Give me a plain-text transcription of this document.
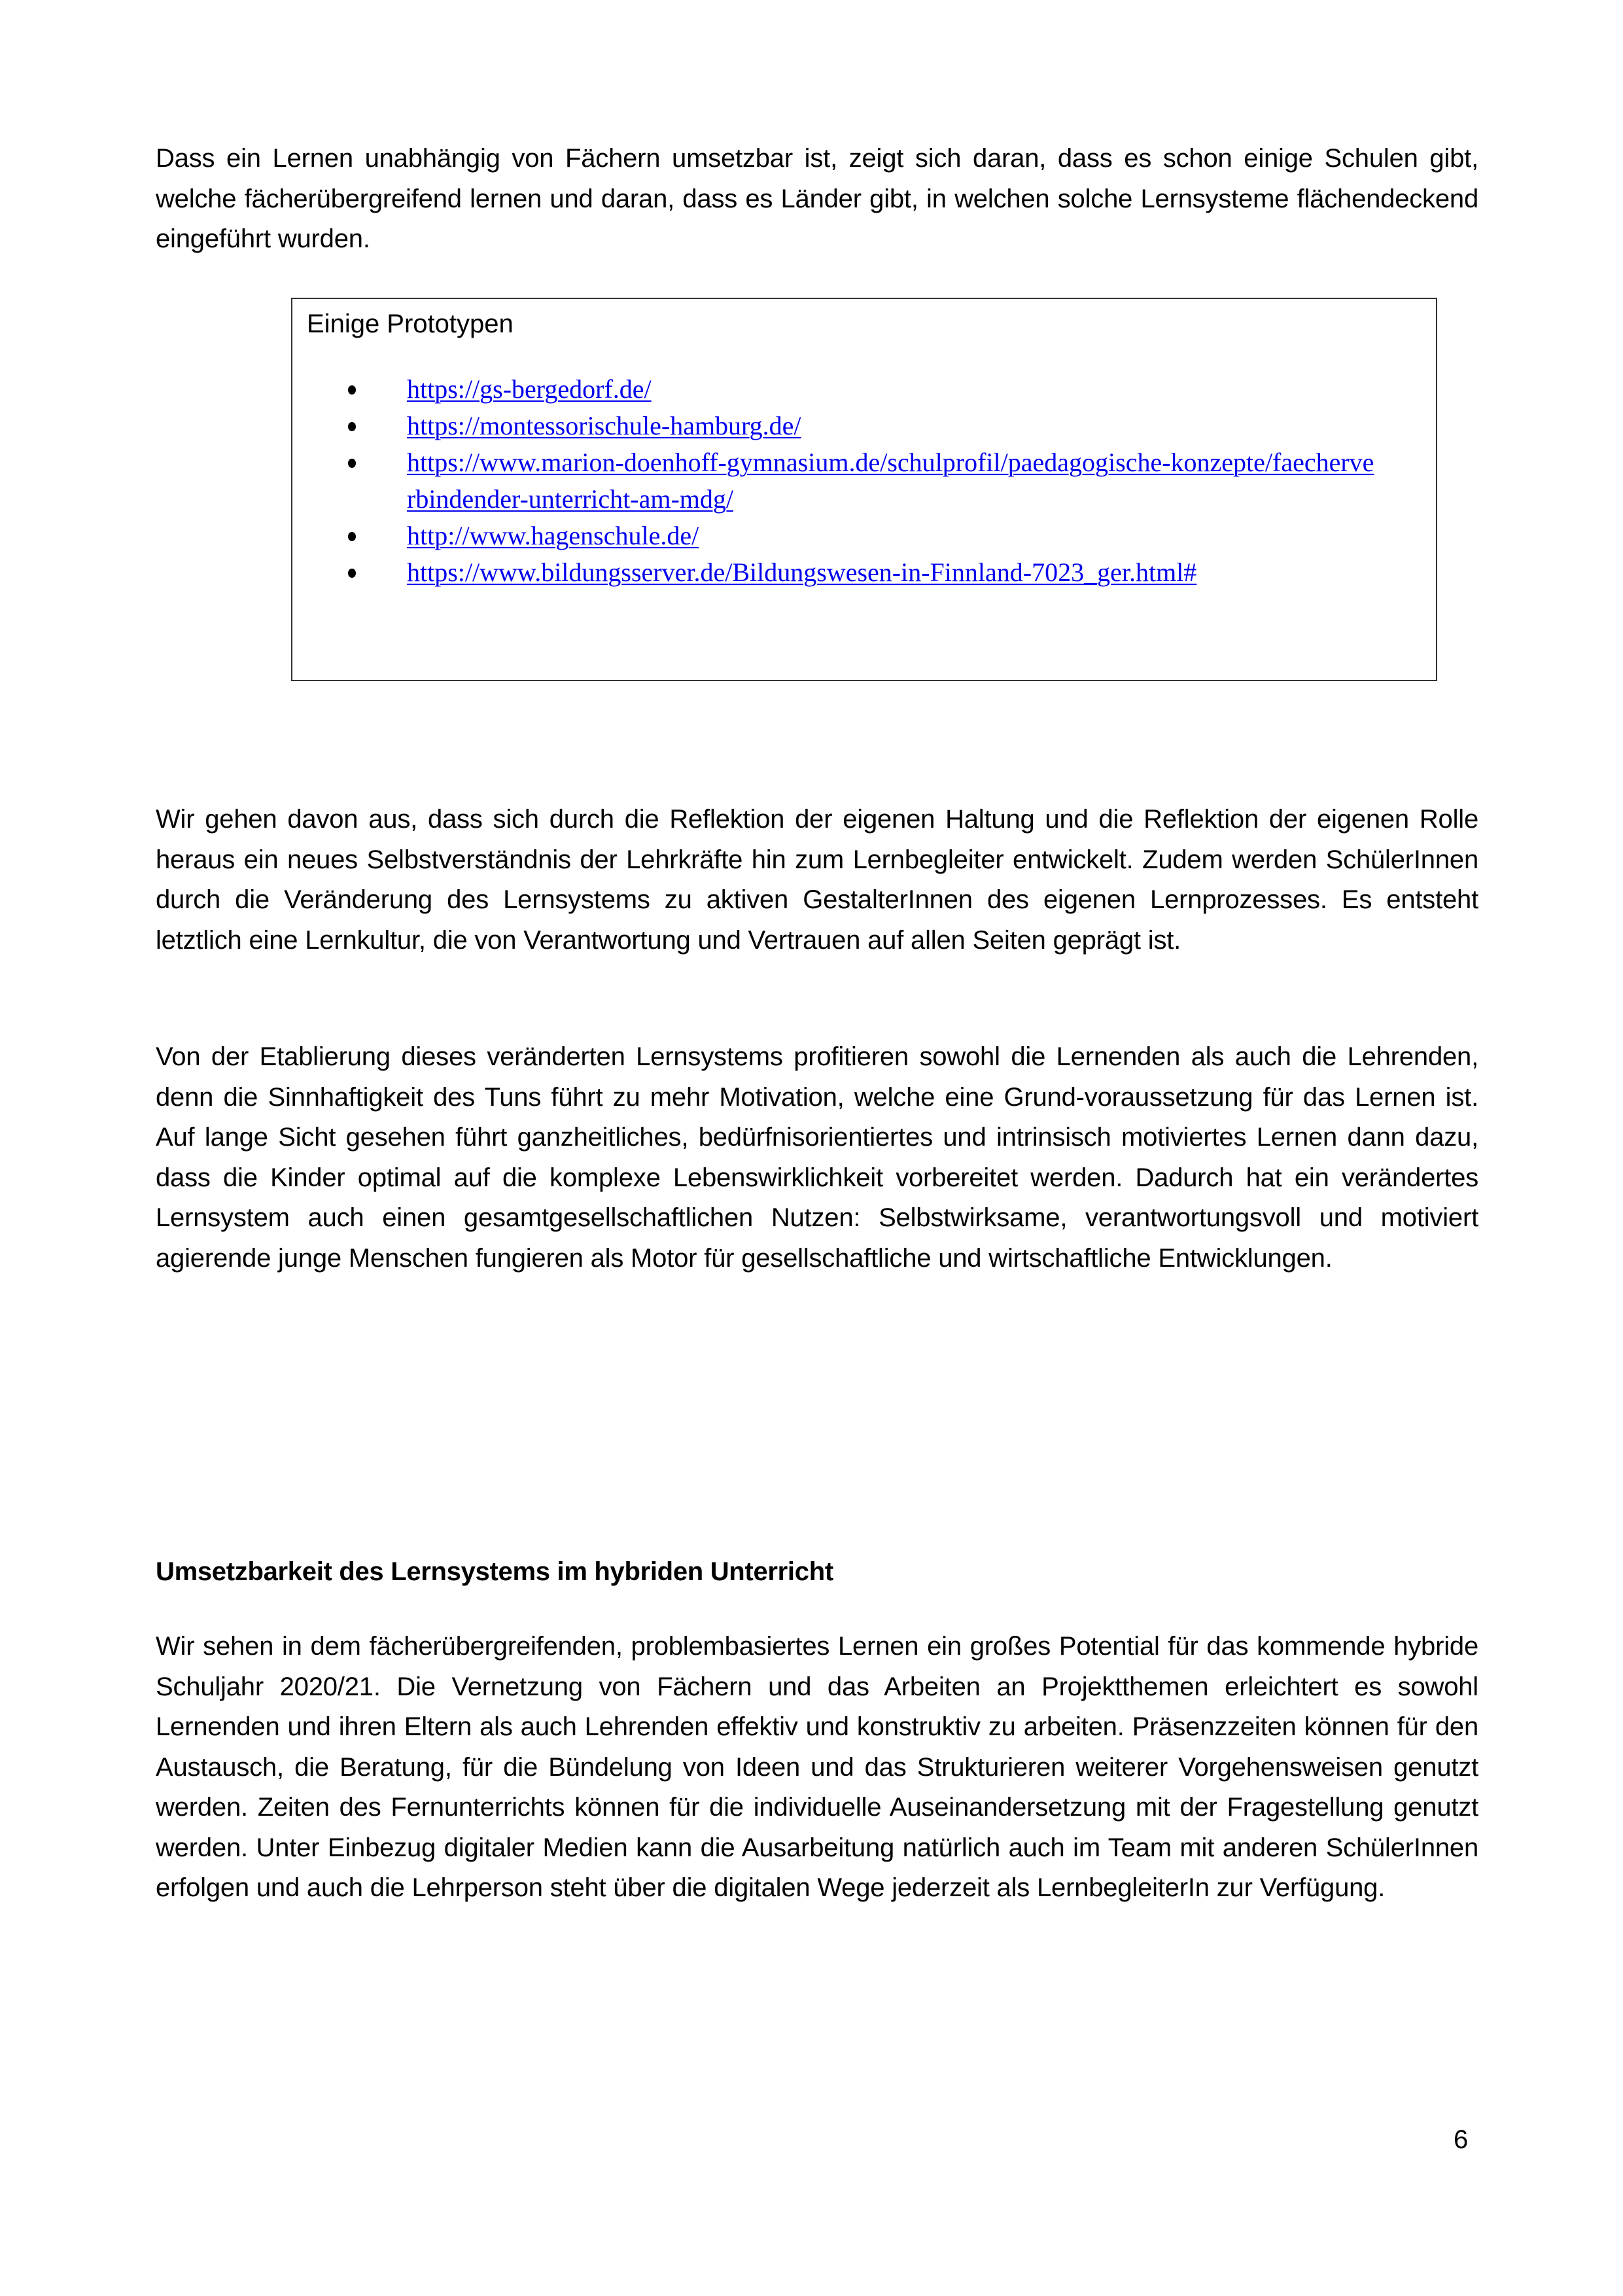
Dass ein Lernen unabhängig von Fächern umsetzbar ist, zeigt sich daran, dass es schon einige Schulen gibt, welche fächerübergreifend lernen und daran, dass es Länder gibt, in welchen solche Lernsysteme flächendeckend eingeführt wurden.

Einige Prototypen

https://gs-bergedorf.de/
https://montessorischule-hamburg.de/
https://www.marion-doenhoff-gymnasium.de/schulprofil/paedagogische-konzepte/faecherverbindender-unterricht-am-mdg/
http://www.hagenschule.de/
https://www.bildungsserver.de/Bildungswesen-in-Finnland-7023_ger.html#

Wir gehen davon aus, dass sich durch die Reflektion der eigenen Haltung und die Reflektion der eigenen Rolle heraus ein neues Selbstverständnis der Lehrkräfte hin zum Lernbegleiter entwickelt. Zudem werden SchülerInnen durch die Veränderung des Lernsystems zu aktiven GestalterInnen des eigenen Lernprozesses. Es entsteht letztlich eine Lernkultur, die von Verantwortung und Vertrauen auf allen Seiten geprägt ist.

Von der Etablierung dieses veränderten Lernsystems profitieren sowohl die Lernenden als auch die Lehrenden, denn die Sinnhaftigkeit des Tuns führt zu mehr Motivation, welche eine Grund-voraussetzung für das Lernen ist. Auf lange Sicht gesehen führt ganzheitliches, bedürfnisorientiertes und intrinsisch motiviertes Lernen dann dazu, dass die Kinder optimal auf die komplexe Lebenswirklichkeit vorbereitet werden. Dadurch hat ein verändertes Lernsystem auch einen gesamtgesellschaftlichen Nutzen: Selbstwirksame, verantwortungsvoll und motiviert agierende junge Menschen fungieren als Motor für gesellschaftliche und wirtschaftliche Entwicklungen.

Umsetzbarkeit des Lernsystems im hybriden Unterricht

Wir sehen in dem fächerübergreifenden, problembasiertes Lernen ein großes Potential für das kommende hybride Schuljahr 2020/21. Die Vernetzung von Fächern und das Arbeiten an Projektthemen erleichtert es sowohl Lernenden und ihren Eltern als auch Lehrenden effektiv und konstruktiv zu arbeiten. Präsenzzeiten können für den Austausch, die Beratung, für die Bündelung von Ideen und das Strukturieren weiterer Vorgehensweisen genutzt werden. Zeiten des Fernunterrichts können für die individuelle Auseinandersetzung mit der Fragestellung genutzt werden. Unter Einbezug digitaler Medien kann die Ausarbeitung natürlich auch im Team mit anderen SchülerInnen erfolgen und auch die Lehrperson steht über die digitalen Wege jederzeit als LernbegleiterIn zur Verfügung.

6
